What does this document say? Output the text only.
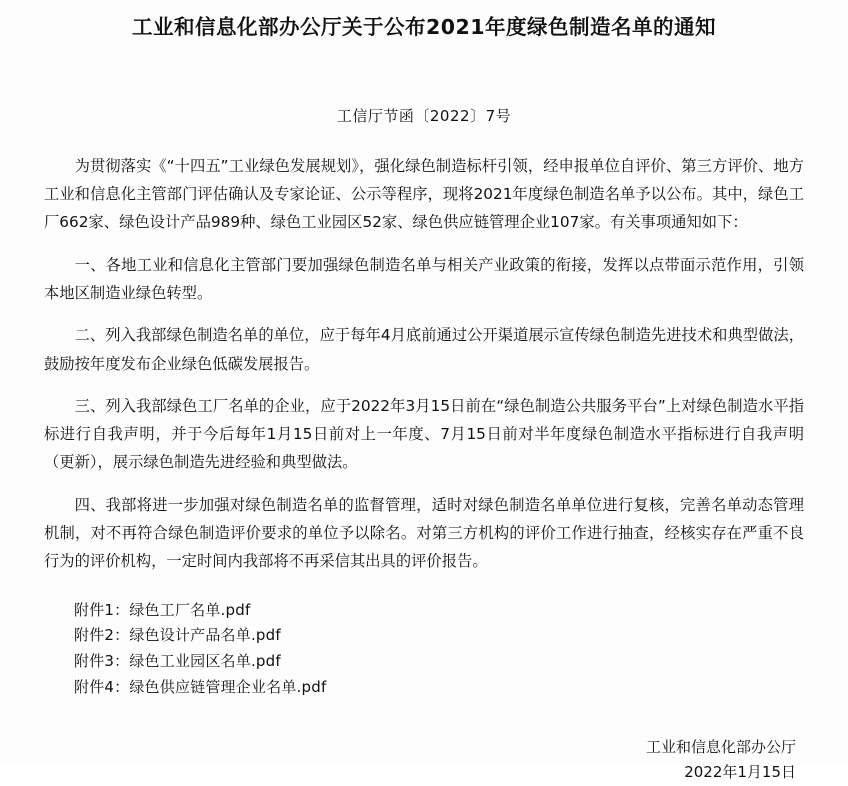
工业和信息化部办公厅关于公布2021年度绿色制造名单的通知
工信厅节函〔2022〕7号

为贯彻落实《“十四五”工业绿色发展规划》，强化绿色制造标杆引领，经申报单位自评价、第三方评价、地方工业和信息化主管部门评估确认及专家论证、公示等程序，现将2021年度绿色制造名单予以公布。其中，绿色工厂662家、绿色设计产品989种、绿色工业园区52家、绿色供应链管理企业107家。有关事项通知如下：

一、各地工业和信息化主管部门要加强绿色制造名单与相关产业政策的衔接，发挥以点带面示范作用，引领本地区制造业绿色转型。

二、列入我部绿色制造名单的单位，应于每年4月底前通过公开渠道展示宣传绿色制造先进技术和典型做法，鼓励按年度发布企业绿色低碳发展报告。

三、列入我部绿色工厂名单的企业，应于2022年3月15日前在“绿色制造公共服务平台”上对绿色制造水平指标进行自我声明，并于今后每年1月15日前对上一年度、7月15日前对半年度绿色制造水平指标进行自我声明（更新），展示绿色制造先进经验和典型做法。

四、我部将进一步加强对绿色制造名单的监督管理，适时对绿色制造名单单位进行复核，完善名单动态管理机制，对不再符合绿色制造评价要求的单位予以除名。对第三方机构的评价工作进行抽查，经核实存在严重不良行为的评价机构，一定时间内我部将不再采信其出具的评价报告。

附件1：绿色工厂名单.pdf
附件2：绿色设计产品名单.pdf
附件3：绿色工业园区名单.pdf
附件4：绿色供应链管理企业名单.pdf
工业和信息化部办公厅
2022年1月15日
